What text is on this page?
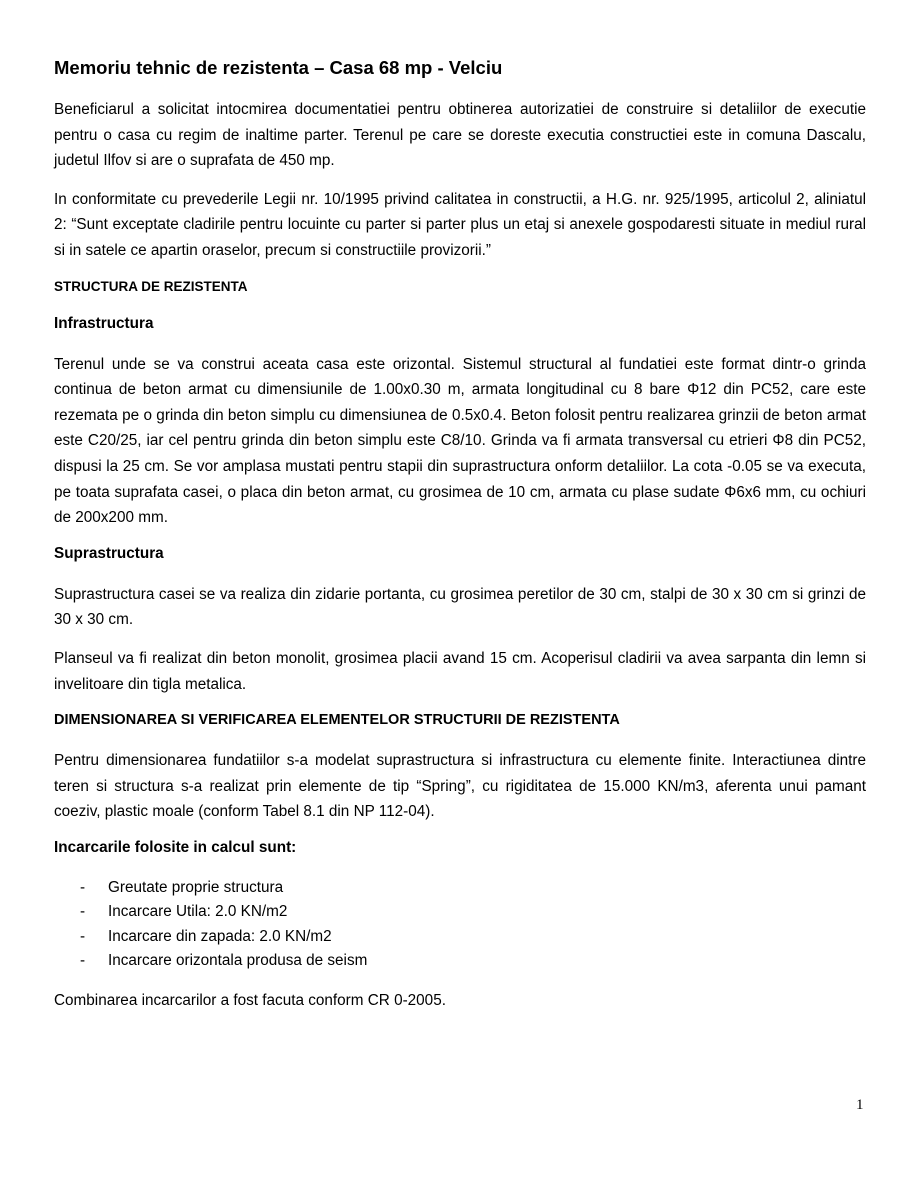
Memoriu tehnic de rezistenta – Casa 68 mp - Velciu

Beneficiarul a solicitat intocmirea documentatiei pentru obtinerea autorizatiei de construire si detaliilor de executie pentru o casa cu regim de inaltime parter. Terenul pe care se doreste executia constructiei este in comuna Dascalu, judetul Ilfov si are o suprafata de 450 mp.

In conformitate cu prevederile Legii nr. 10/1995 privind calitatea in constructii, a H.G. nr. 925/1995, articolul 2, aliniatul 2: “Sunt exceptate cladirile pentru locuinte cu parter si parter plus un etaj si anexele gospodaresti situate in mediul rural si in satele ce apartin oraselor, precum si constructiile provizorii.”

STRUCTURA DE REZISTENTA
Infrastructura

Terenul unde se va construi aceata casa este orizontal. Sistemul structural al fundatiei este format dintr-o grinda continua de beton armat cu dimensiunile de 1.00x0.30 m, armata longitudinal cu 8 bare Φ12 din PC52, care este rezemata pe o grinda din beton simplu cu dimensiunea de 0.5x0.4. Beton folosit pentru realizarea grinzii de beton armat este C20/25, iar cel pentru grinda din beton simplu este C8/10. Grinda va fi armata transversal cu etrieri Φ8 din PC52, dispusi la 25 cm. Se vor amplasa mustati pentru stapii din suprastructura onform detaliilor. La cota -0.05 se va executa, pe toata suprafata casei, o placa din beton armat, cu grosimea de 10 cm, armata cu plase sudate Φ6x6 mm, cu ochiuri de 200x200 mm.

Suprastructura

Suprastructura casei se va realiza din zidarie portanta, cu grosimea peretilor de 30 cm, stalpi de 30 x 30 cm si grinzi de 30 x 30 cm.

Planseul va fi realizat din beton monolit, grosimea placii avand 15 cm. Acoperisul cladirii va avea sarpanta din lemn si invelitoare din tigla metalica.

DIMENSIONAREA SI VERIFICAREA ELEMENTELOR STRUCTURII DE REZISTENTA

Pentru dimensionarea fundatiilor s-a modelat suprastructura si infrastructura cu elemente finite. Interactiunea dintre teren si structura s-a realizat prin elemente de tip “Spring”, cu rigiditatea de 15.000 KN/m3, aferenta unui pamant coeziv, plastic moale (conform Tabel 8.1 din NP 112-04).

Incarcarile folosite in calcul sunt:
- Greutate proprie structura
- Incarcare Utila: 2.0 KN/m2
- Incarcare din zapada: 2.0 KN/m2
- Incarcare orizontala produsa de seism

Combinarea incarcarilor a fost facuta conform CR 0-2005.

1
